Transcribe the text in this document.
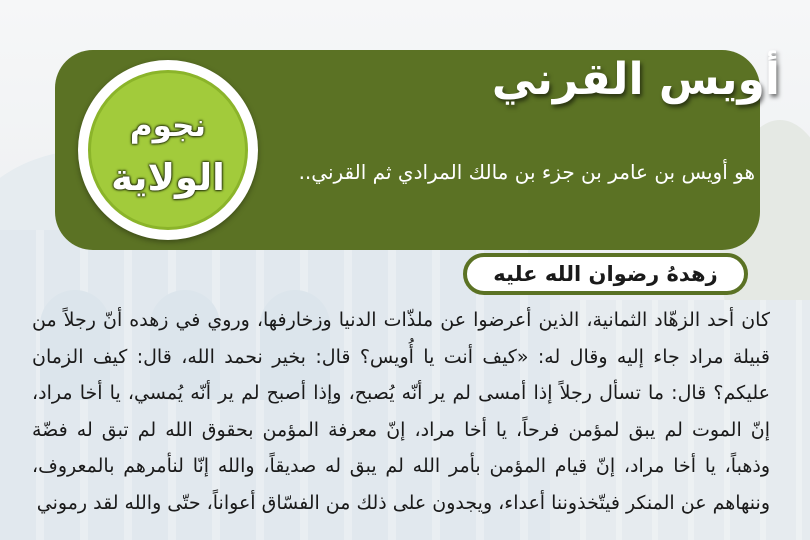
أويس القرني

هو أويس بن عامر بن جزء بن مالك المرادي ثم القرني..

نجوم
الولاية
زهدهُ رضوان الله عليه

كان أحد الزهّاد الثمانية، الذين أعرضوا عن ملذّات الدنيا وزخارفها، وروي في زهده أنّ رجلاً من قبيلة مراد جاء إليه وقال له: «كيف أنت يا أُويس؟ قال: بخير نحمد الله، قال: كيف الزمان عليكم؟ قال: ما تسأل رجلاً إذا أمسى لم ير أنّه يُصبح، وإذا أصبح لم ير أنّه يُمسي، يا أخا مراد، إنّ الموت لم يبق لمؤمن فرحاً، يا أخا مراد، إنّ معرفة المؤمن بحقوق الله لم تبق له فضّة وذهباً، يا أخا مراد، إنّ قيام المؤمن بأمر الله لم يبق له صديقاً، والله إنّا لنأمرهم بالمعروف، وننهاهم عن المنكر فيتّخذوننا أعداء، ويجدون على ذلك من الفسّاق أعواناً، حتّى والله لقد رموني
